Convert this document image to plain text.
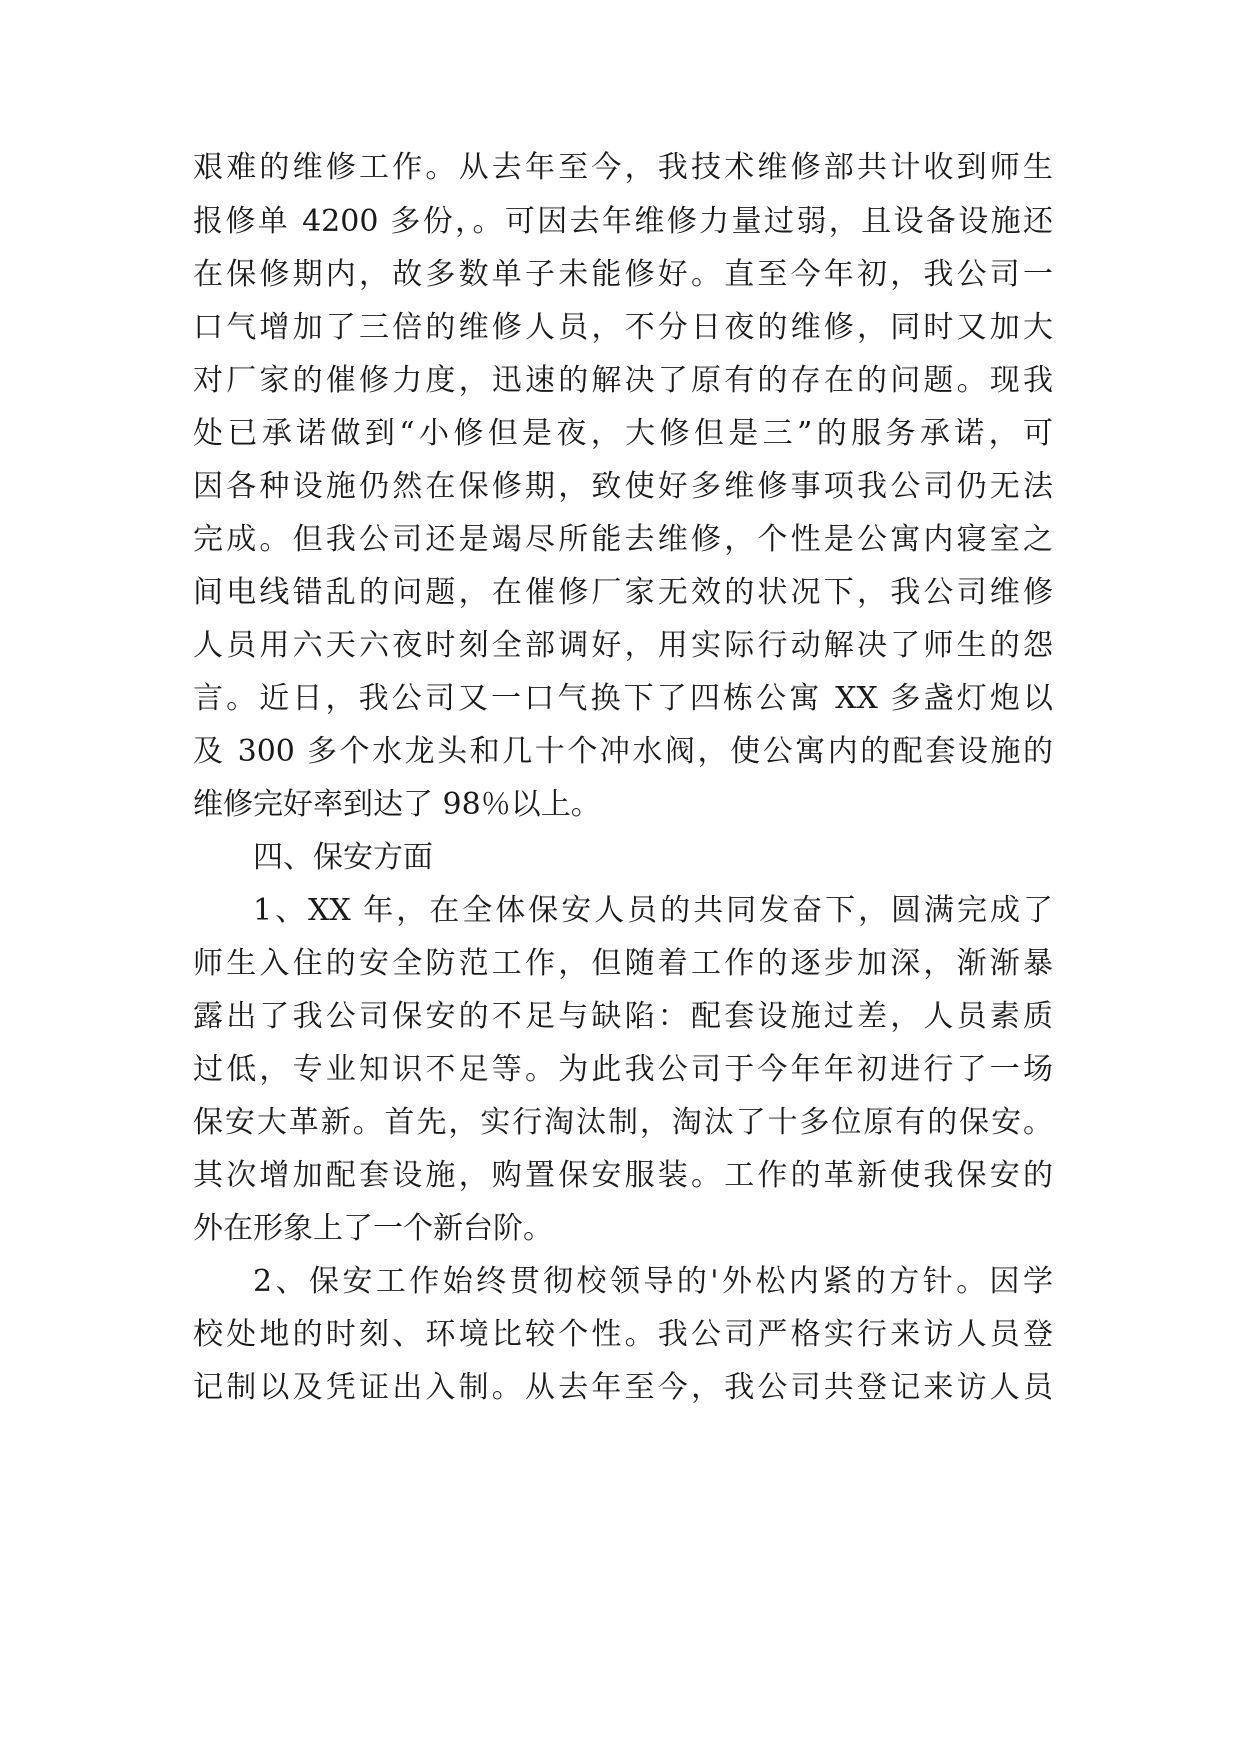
艰难的维修工作。从去年至今，我技术维修部共计收到师生
报修单 4200 多份，。可因去年维修力量过弱，且设备设施还
在保修期内，故多数单子未能修好。直至今年初，我公司一
口气增加了三倍的维修人员，不分日夜的维修，同时又加大
对厂家的催修力度，迅速的解决了原有的存在的问题。现我
处已承诺做到“小修但是夜，大修但是三”的服务承诺，可
因各种设施仍然在保修期，致使好多维修事项我公司仍无法
完成。但我公司还是竭尽所能去维修，个性是公寓内寝室之
间电线错乱的问题，在催修厂家无效的状况下，我公司维修
人员用六天六夜时刻全部调好，用实际行动解决了师生的怨
言。近日，我公司又一口气换下了四栋公寓 XX 多盏灯炮以
及 300 多个水龙头和几十个冲水阀，使公寓内的配套设施的
维修完好率到达了 98％以上。
四、保安方面
1、XX 年，在全体保安人员的共同发奋下，圆满完成了
师生入住的安全防范工作，但随着工作的逐步加深，渐渐暴
露出了我公司保安的不足与缺陷：配套设施过差，人员素质
过低，专业知识不足等。为此我公司于今年年初进行了一场
保安大革新。首先，实行淘汰制，淘汰了十多位原有的保安。
其次增加配套设施，购置保安服装。工作的革新使我保安的
外在形象上了一个新台阶。
2、保安工作始终贯彻校领导的'外松内紧的方针。因学
校处地的时刻、环境比较个性。我公司严格实行来访人员登
记制以及凭证出入制。从去年至今，我公司共登记来访人员
